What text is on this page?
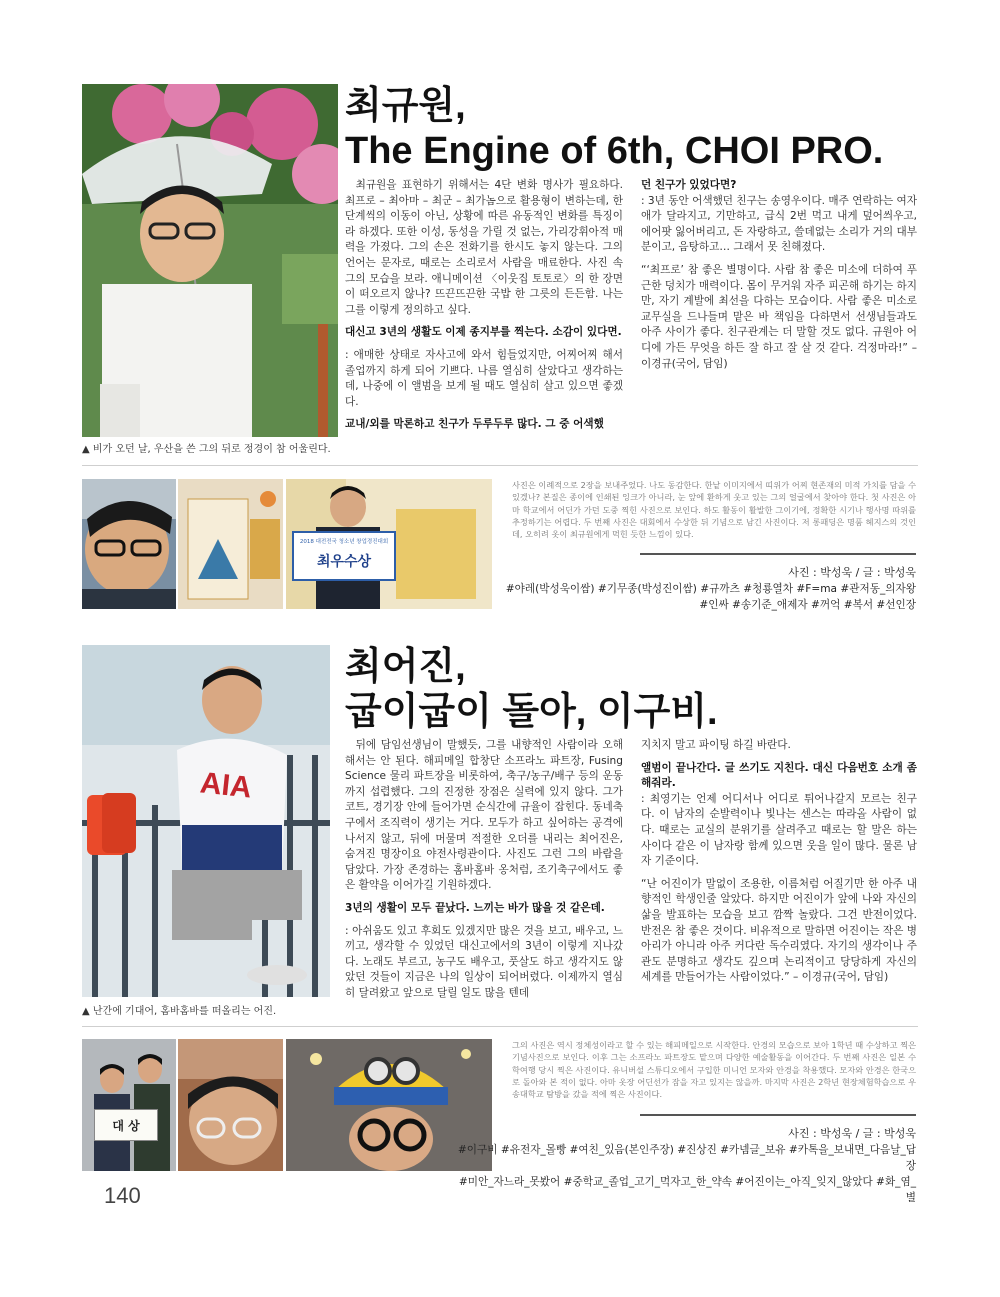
최규원,
The Engine of 6th, CHOI PRO.

최규원을 표현하기 위해서는 4단 변화 명사가 필요하다. 최프로 – 최아마 – 최군 – 최가놈으로 활용형이 변하는데, 한 단계씩의 이동이 아닌, 상황에 따른 유동적인 변화를 특징이라 하겠다. 또한 이성, 동성을 가릴 것 없는, 가리강휘아적 매력을 가졌다. 그의 손은 전화기를 한시도 놓지 않는다. 그의 언어는 문자로, 때로는 소리로서 사람을 매료한다. 사진 속 그의 모습을 보라. 애니메이션 〈이웃집 토토로〉의 한 장면이 떠오르지 않나? 뜨끈뜨끈한 국밥 한 그릇의 든든함. 나는 그를 이렇게 정의하고 싶다.

대신고 3년의 생활도 이제 종지부를 찍는다. 소감이 있다면.

: 애매한 상태로 자사고에 와서 힘들었지만, 어찌어찌 해서 졸업까지 하게 되어 기쁘다. 나름 열심히 살았다고 생각하는데, 나중에 이 앨범을 보게 될 때도 열심히 살고 있으면 좋겠다.

교내/외를 막론하고 친구가 두루두루 많다. 그 중 어색했

던 친구가 있었다면?

: 3년 동안 어색했던 친구는 송영우이다. 매주 연락하는 여자애가 달라지고, 기만하고, 급식 2번 먹고 내게 덮어씌우고, 에어팟 잃어버리고, 돈 자랑하고, 쓸데없는 소리가 거의 대부분이고, 음탕하고… 그래서 못 친해졌다.

“‘최프로’ 참 좋은 별명이다. 사람 참 좋은 미소에 더하여 푸근한 덩치가 매력이다. 몸이 무거워 자주 피곤해 하기는 하지만, 자기 계발에 최선을 다하는 모습이다. 사람 좋은 미소로 교무실을 드나들며 맡은 바 책임을 다하면서 선생님들과도 아주 사이가 좋다. 친구관계는 더 말할 것도 없다. 규원아 어디에 가든 무엇을 하든 잘 하고 잘 살 것 같다. 걱정마라!” – 이경규(국어, 담임)

▲ 비가 오던 날, 우산을 쓴 그의 뒤로 정경이 참 어울린다.
2018 대전전국 청소년 창업경진대회
최우수상
사진은 이례적으로 2장을 보내주었다. 나도 동감한다. 한낱 이미지에서 띠위가 어찌 현존재의 미적 가치를 담을 수 있겠나? 본질은 종이에 인쇄된 잉크가 아니라, 눈 앞에 환하게 웃고 있는 그의 얼굴에서 찾아야 한다. 첫 사진은 아마 학교에서 어딘가 가던 도중 찍힌 사진으로 보인다. 하도 활동이 활발한 그이기에, 정확한 시기나 행사명 따위를 추정하기는 어렵다. 두 번째 사진은 대회에서 수상한 뒤 기념으로 남긴 사진이다. 저 롱패딩은 명품 헤지스의 것인데, 오히려 옷이 최규원에게 먹힌 듯한 느낌이 있다.
사진 : 박성욱 / 글 : 박성욱
#야레(박성욱이쌈) #기무종(박성진이쌈) #규까츠 #청룡열차 #F=ma #관저동_의자왕
#인싸 #송기준_애제자 #꺼억 #복서 #선인장
AIA
최어진,
굽이굽이 돌아, 이구비.

뒤에 담임선생님이 말했듯, 그를 내향적인 사람이라 오해해서는 안 된다. 해피메일 합창단 소프라노 파트장, Fusing Science 물리 파트장을 비롯하여, 축구/농구/배구 등의 운동까지 섭렵했다. 그의 진정한 장점은 실력에 있지 않다. 그가 코트, 경기장 안에 들어가면 순식간에 규율이 잡힌다. 동네축구에서 조직력이 생기는 거다. 모두가 하고 싶어하는 공격에 나서지 않고, 뒤에 머물며 적절한 오더를 내리는 최어진은, 숨겨진 명장이요 야전사령관이다. 사진도 그런 그의 바람을 담았다. 가장 존경하는 홈바홈바 옹처럼, 조기축구에서도 좋은 활약을 이어가길 기원하겠다.

3년의 생활이 모두 끝났다. 느끼는 바가 많을 것 같은데.

: 아쉬움도 있고 후회도 있겠지만 많은 것을 보고, 배우고, 느끼고, 생각할 수 있었던 대신고에서의 3년이 이렇게 지나갔다. 노래도 부르고, 농구도 배우고, 풋살도 하고 생각지도 않았던 것들이 지금은 나의 일상이 되어버렸다. 이제까지 열심히 달려왔고 앞으로 달릴 일도 많을 텐데

지치지 말고 파이팅 하길 바란다.

앨범이 끝나간다. 글 쓰기도 지친다. 대신 다음번호 소개 좀 해줘라.

: 최영기는 언제 어디서나 어디로 튀어나갈지 모르는 친구다. 이 남자의 순발력이나 빛나는 센스는 따라올 사람이 없다. 때로는 교실의 분위기를 살려주고 때로는 할 말은 하는 사이다 같은 이 남자랑 함께 있으면 웃을 일이 많다. 물론 남자 기준이다.

“난 어진이가 말없이 조용한, 이름처럼 어질기만 한 아주 내향적인 학생인줄 알았다. 하지만 어진이가 앞에 나와 자신의 삶을 발표하는 모습을 보고 깜짝 놀랐다. 그건 반전이었다. 반전은 참 좋은 것이다. 비유적으로 말하면 어진이는 작은 병아리가 아니라 아주 커다란 독수리였다. 자기의 생각이나 주관도 분명하고 생각도 깊으며 논리적이고 당당하게 자신의 세계를 만들어가는 사람이었다.” – 이경규(국어, 담임)

▲ 난간에 기대어, 홈바홈바를 떠올리는 어진.
대 상
그의 사진은 역시 정체성이라고 할 수 있는 해피메일으로 시작한다. 안경의 모습으로 보아 1학년 때 수상하고 찍은 기념사진으로 보인다. 이후 그는 소프라노 파트장도 맡으며 다양한 예술활동을 이어간다. 두 번째 사진은 일본 수학여행 당시 찍은 사진이다. 유니버설 스튜디오에서 구입한 미니언 모자와 안경을 착용했다. 모자와 안경은 한국으로 돌아와 본 적이 없다. 아마 옷장 어딘선가 잠을 자고 있지는 않을까. 마지막 사진은 2학년 현장체험학습으로 우송대학교 탐방을 갔을 적에 찍은 사진이다.
사진 : 박성욱 / 글 : 박성욱
#이구비 #유전자_몰빵 #여친_있음(본인주장) #진상진 #카넴글_보유 #카톡을_보내면_다음날_답장
#미안_자느라_못봤어 #중학교_졸업_고기_먹자고_한_약속 #어진이는_아직_잊지_않았다 #화_염_별
140
